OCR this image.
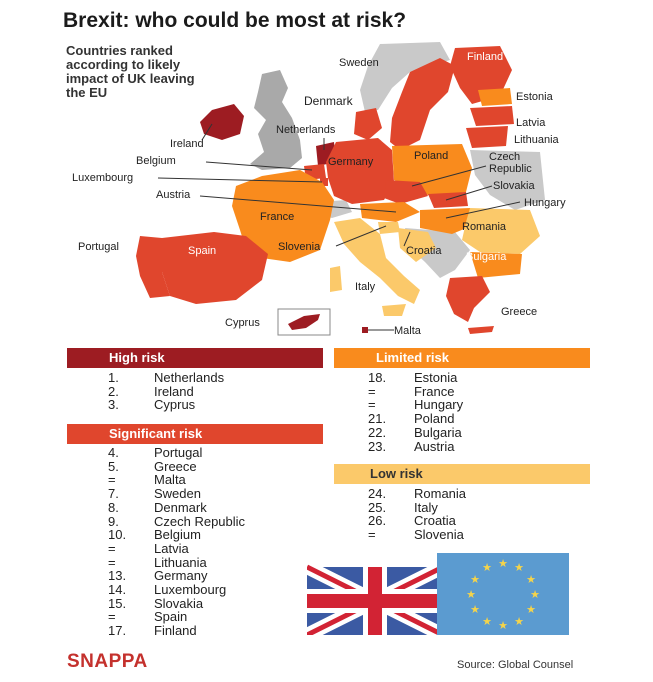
Brexit: who could be most at risk?
Countries ranked according to likely impact of UK leaving the EU
Sweden	Finland
Denmark	Estonia
Latvia
Lithuania
Netherlands
Ireland
Belgium	Germany	Poland	Czech Republic
Luxembourg
Slovakia
Austria
Hungary
France
Romania
Portugal	Spain	Slovenia	Croatia Bulgaria
Italy
Greece
Cyprus
Malta
High risk
Significant risk
Limited risk
Low risk
1.	Netherlands
2.	Ireland
3.	Cyprus
4.	Portugal
5.	Greece
=	Malta
7.	Sweden
8.	Denmark
9.	Czech Republic
10. Belgium
=	Latvia
=	Lithuania
13. Germany
14. Luxembourg
15. Slovakia
=	Spain
17. Finland
18. Estonia
=	France
=	Hungary
21. Poland
22. Bulgaria
23. Austria
24. Romania
25. Italy
26. Croatia
=	Slovenia
★ ★
★
★
★
★
★
★
★
★
★
★
SNAPPA	Source: Global Counsel
